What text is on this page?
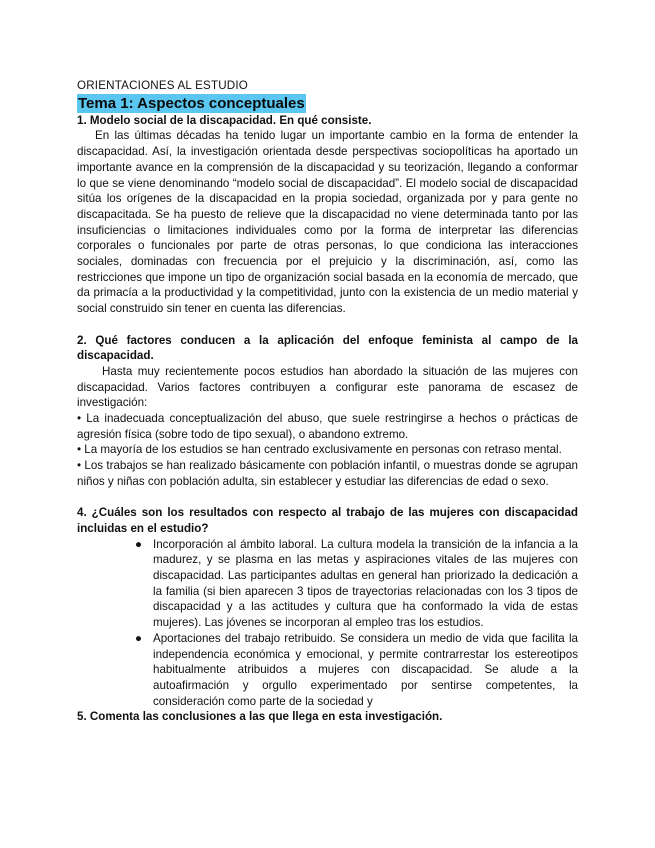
ORIENTACIONES AL ESTUDIO

Tema 1: Aspectos conceptuales

1. Modelo social de la discapacidad. En qué consiste.

En las últimas décadas ha tenido lugar un importante cambio en la forma de entender la discapacidad. Así, la investigación orientada desde perspectivas sociopolíticas ha aportado un importante avance en la comprensión de la discapacidad y su teorización, llegando a conformar lo que se viene denominando “modelo social de discapacidad”. El modelo social de discapacidad sitúa los orígenes de la discapacidad en la propia sociedad, organizada por y para gente no discapacitada. Se ha puesto de relieve que la discapacidad no viene determinada tanto por las insuficiencias o limitaciones individuales como por la forma de interpretar las diferencias corporales o funcionales por parte de otras personas, lo que condiciona las interacciones sociales, dominadas con frecuencia por el prejuicio y la discriminación, así, como las restricciones que impone un tipo de organización social basada en la economía de mercado, que da primacía a la productividad y la competitividad, junto con la existencia de un medio material y social construido sin tener en cuenta las diferencias.

2. Qué factores conducen a la aplicación del enfoque feminista al campo de la discapacidad.

Hasta muy recientemente pocos estudios han abordado la situación de las mujeres con discapacidad. Varios factores contribuyen a configurar este panorama de escasez de investigación:

• La inadecuada conceptualización del abuso, que suele restringirse a hechos o prácticas de agresión física (sobre todo de tipo sexual), o abandono extremo.

• La mayoría de los estudios se han centrado exclusivamente en personas con retraso mental.

• Los trabajos se han realizado básicamente con población infantil, o muestras donde se agrupan niños y niñas con población adulta, sin establecer y estudiar las diferencias de edad o sexo.

4. ¿Cuáles son los resultados con respecto al trabajo de las mujeres con discapacidad incluidas en el estudio?

● Incorporación al ámbito laboral. La cultura modela la transición de la infancia a la madurez, y se plasma en las metas y aspiraciones vitales de las mujeres con discapacidad. Las participantes adultas en general han priorizado la dedicación a la familia (si bien aparecen 3 tipos de trayectorias relacionadas con los 3 tipos de discapacidad y a las actitudes y cultura que ha conformado la vida de estas mujeres). Las jóvenes se incorporan al empleo tras los estudios.
● Aportaciones del trabajo retribuido. Se considera un medio de vida que facilita la independencia económica y emocional, y permite contrarrestar los estereotipos habitualmente atribuidos a mujeres con discapacidad. Se alude a la autoafirmación y orgullo experimentado por sentirse competentes, la consideración como parte de la sociedad y

5. Comenta las conclusiones a las que llega en esta investigación.
